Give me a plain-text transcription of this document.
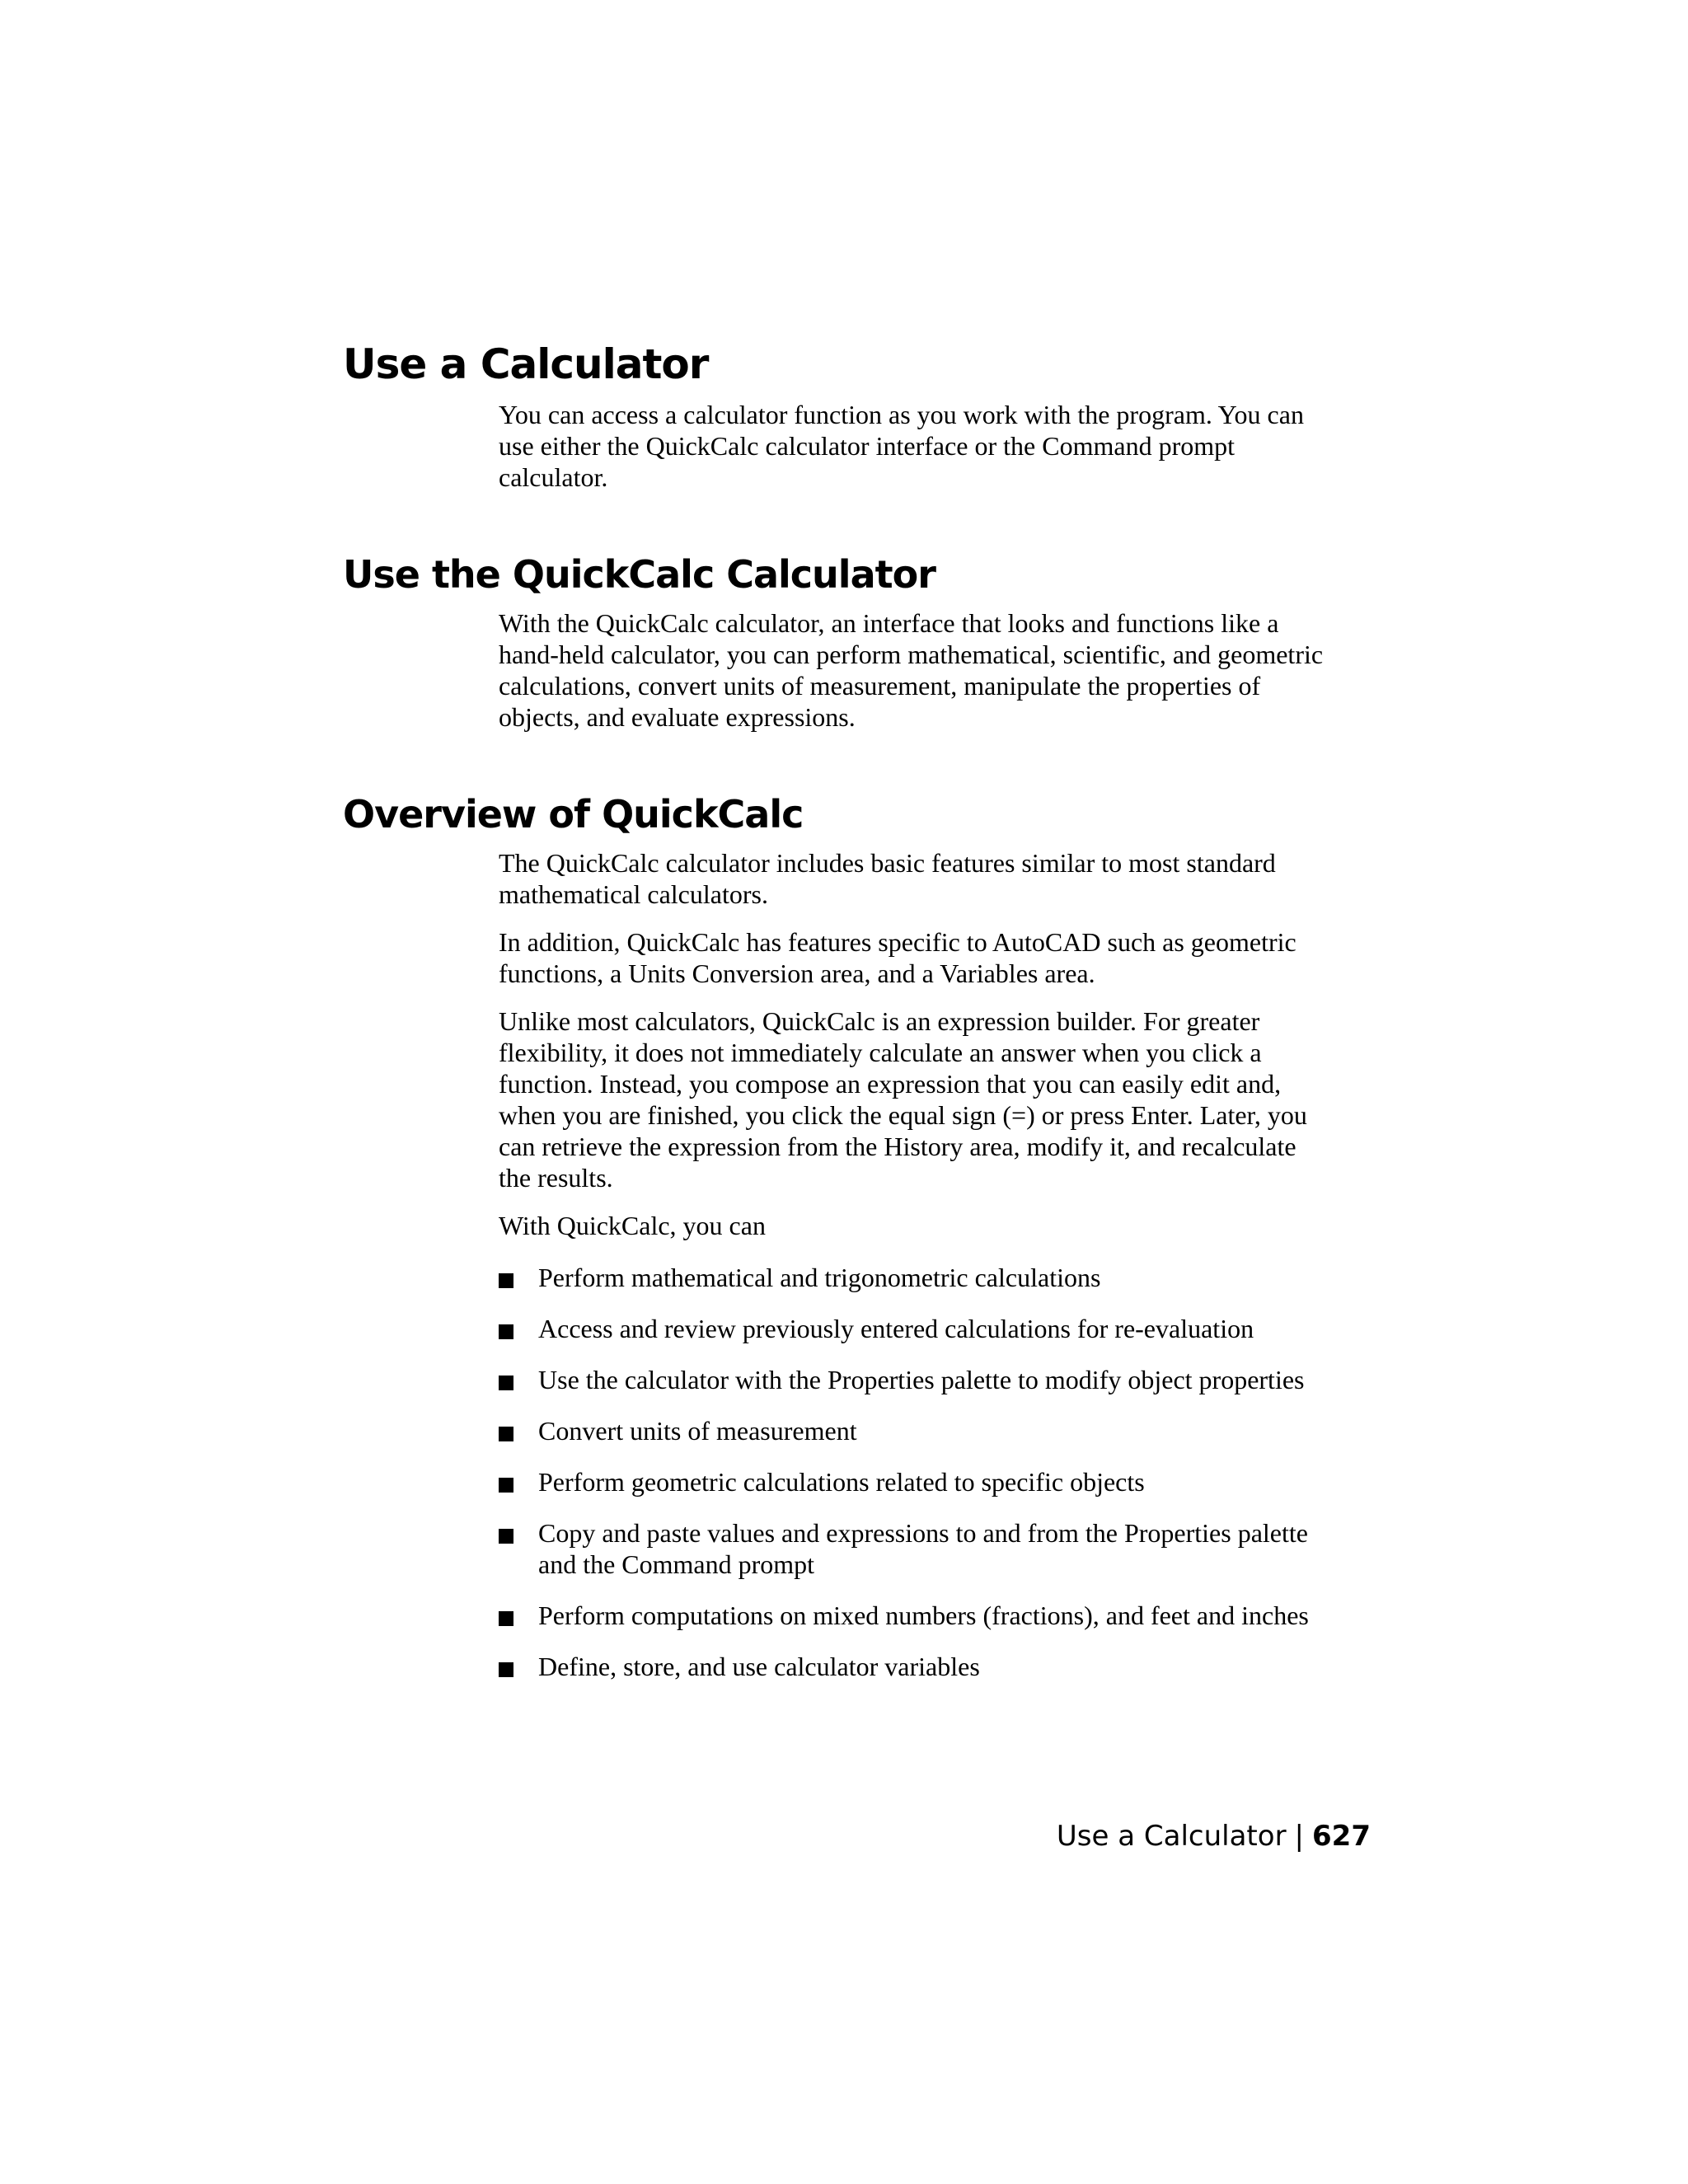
Use a Calculator

You can access a calculator function as you work with the program. You can
use either the QuickCalc calculator interface or the Command prompt
calculator.

Use the QuickCalc Calculator

With the QuickCalc calculator, an interface that looks and functions like a
hand-held calculator, you can perform mathematical, scientific, and geometric
calculations, convert units of measurement, manipulate the properties of
objects, and evaluate expressions.

Overview of QuickCalc

The QuickCalc calculator includes basic features similar to most standard
mathematical calculators.

In addition, QuickCalc has features specific to AutoCAD such as geometric
functions, a Units Conversion area, and a Variables area.

Unlike most calculators, QuickCalc is an expression builder. For greater
flexibility, it does not immediately calculate an answer when you click a
function. Instead, you compose an expression that you can easily edit and,
when you are finished, you click the equal sign (=) or press Enter. Later, you
can retrieve the expression from the History area, modify it, and recalculate
the results.

With QuickCalc, you can

Perform mathematical and trigonometric calculations
Access and review previously entered calculations for re-evaluation
Use the calculator with the Properties palette to modify object properties
Convert units of measurement
Perform geometric calculations related to specific objects
Copy and paste values and expressions to and from the Properties palette
and the Command prompt
Perform computations on mixed numbers (fractions), and feet and inches
Define, store, and use calculator variables
Use a Calculator | 627
